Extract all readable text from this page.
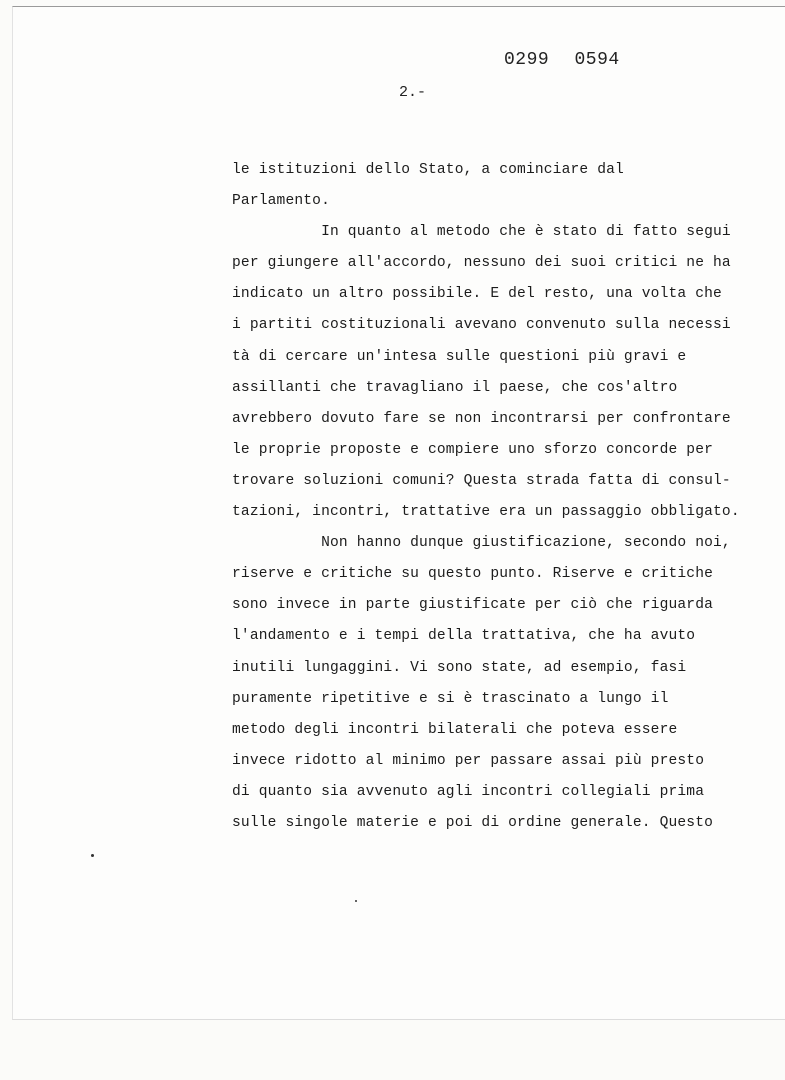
0299 0594
2.-
le istituzioni dello Stato, a cominciare dal
Parlamento.
In quanto al metodo che è stato di fatto segui
per giungere all'accordo, nessuno dei suoi critici ne ha
indicato un altro possibile. E del resto, una volta che
i partiti costituzionali avevano convenuto sulla necessi
tà di cercare un'intesa sulle questioni più gravi e
assillanti che travagliano il paese, che cos'altro
avrebbero dovuto fare se non incontrarsi per confrontare
le proprie proposte e compiere uno sforzo concorde per
trovare soluzioni comuni? Questa strada fatta di consul-
tazioni, incontri, trattative era un passaggio obbligato.
Non hanno dunque giustificazione, secondo noi,
riserve e critiche su questo punto. Riserve e critiche
sono invece in parte giustificate per ciò che riguarda
l'andamento e i tempi della trattativa, che ha avuto
inutili lungaggini. Vi sono state, ad esempio, fasi
puramente ripetitive e si è trascinato a lungo il
metodo degli incontri bilaterali che poteva essere
invece ridotto al minimo per passare assai più presto
di quanto sia avvenuto agli incontri collegiali prima
sulle singole materie e poi di ordine generale. Questo
